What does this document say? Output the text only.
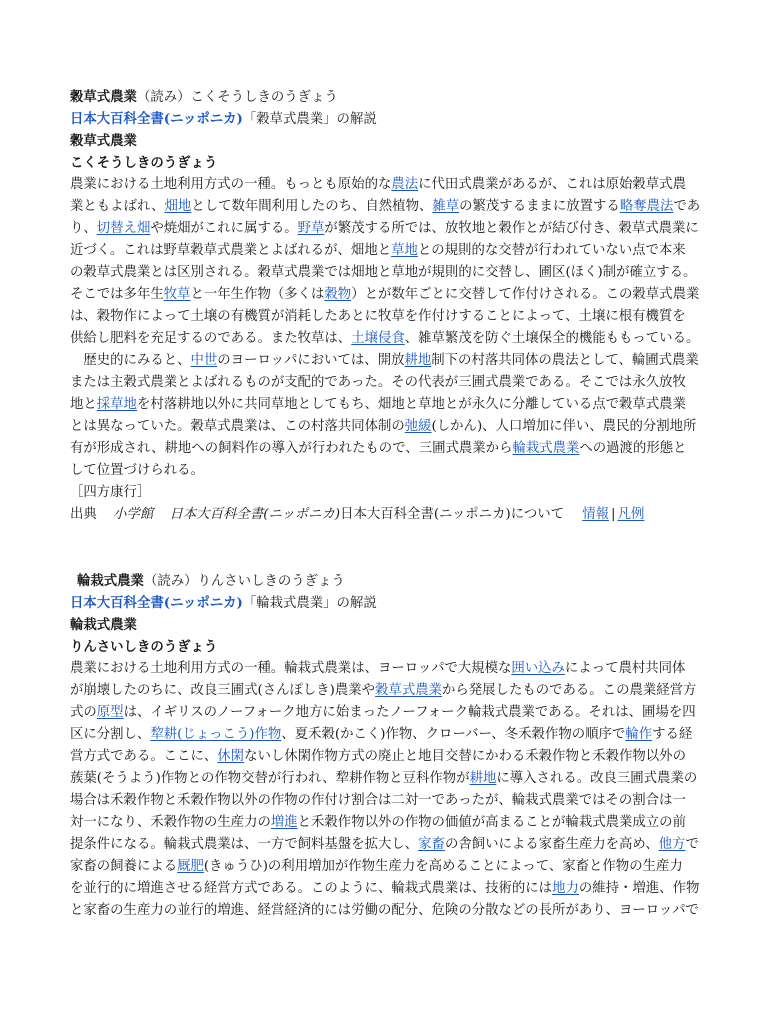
穀草式農業（読み）こくそうしきのうぎょう
日本大百科全書(ニッポニカ)「穀草式農業」の解説
穀草式農業
こくそうしきのうぎょう
農業における土地利用方式の一種。もっとも原始的な農法に代田式農業があるが、これは原始穀草式農
業ともよばれ、畑地として数年間利用したのち、自然植物、雑草の繁茂するままに放置する略奪農法であ
り、切替え畑や焼畑がこれに属する。野草が繁茂する所では、放牧地と穀作とが結び付き、穀草式農業に
近づく。これは野草穀草式農業とよばれるが、畑地と草地との規則的な交替が行われていない点で本来
の穀草式農業とは区別される。穀草式農業では畑地と草地が規則的に交替し、圃区(ほく)制が確立する。
そこでは多年生牧草と一年生作物（多くは穀物）とが数年ごとに交替して作付けされる。この穀草式農業
は、穀物作によって土壌の有機質が消耗したあとに牧草を作付けすることによって、土壌に根有機質を
供給し肥料を充足するのである。また牧草は、土壌侵食、雑草繁茂を防ぐ土壌保全的機能ももっている。
　歴史的にみると、中世のヨーロッパにおいては、開放耕地制下の村落共同体の農法として、輪圃式農業
または主穀式農業とよばれるものが支配的であった。その代表が三圃式農業である。そこでは永久放牧
地と採草地を村落耕地以外に共同草地としてもち、畑地と草地とが永久に分離している点で穀草式農業
とは異なっていた。穀草式農業は、この村落共同体制の弛緩(しかん)、人口増加に伴い、農民的分割地所
有が形成され、耕地への飼料作の導入が行われたもので、三圃式農業から輪栽式農業への過渡的形態と
して位置づけられる。
［四方康行］
出典 小学館 日本大百科全書(ニッポニカ)日本大百科全書(ニッポニカ)について 情報 | 凡例
輪栽式農業（読み）りんさいしきのうぎょう
日本大百科全書(ニッポニカ)「輪栽式農業」の解説
輪栽式農業
りんさいしきのうぎょう
農業における土地利用方式の一種。輪栽式農業は、ヨーロッパで大規模な囲い込みによって農村共同体
が崩壊したのちに、改良三圃式(さんぽしき)農業や穀草式農業から発展したものである。この農業経営方
式の原型は、イギリスのノーフォーク地方に始まったノーフォーク輪栽式農業である。それは、圃場を四
区に分割し、犂耕(じょっこう)作物、夏禾穀(かこく)作物、クローバー、冬禾穀作物の順序で輪作する経
営方式である。ここに、休閑ないし休閑作物方式の廃止と地目交替にかわる禾穀作物と禾穀作物以外の
蔟葉(そうよう)作物との作物交替が行われ、犂耕作物と豆科作物が耕地に導入される。改良三圃式農業の
場合は禾穀作物と禾穀作物以外の作物の作付け割合は二対一であったが、輪栽式農業ではその割合は一
対一になり、禾穀作物の生産力の増進と禾穀作物以外の作物の価値が高まることが輪栽式農業成立の前
提条件になる。輪栽式農業は、一方で飼料基盤を拡大し、家畜の舎飼いによる家畜生産力を高め、他方で
家畜の飼養による厩肥(きゅうひ)の利用増加が作物生産力を高めることによって、家畜と作物の生産力
を並行的に増進させる経営方式である。このように、輪栽式農業は、技術的には地力の維持・増進、作物
と家畜の生産力の並行的増進、経営経済的には労働の配分、危険の分散などの長所があり、ヨーロッパで
